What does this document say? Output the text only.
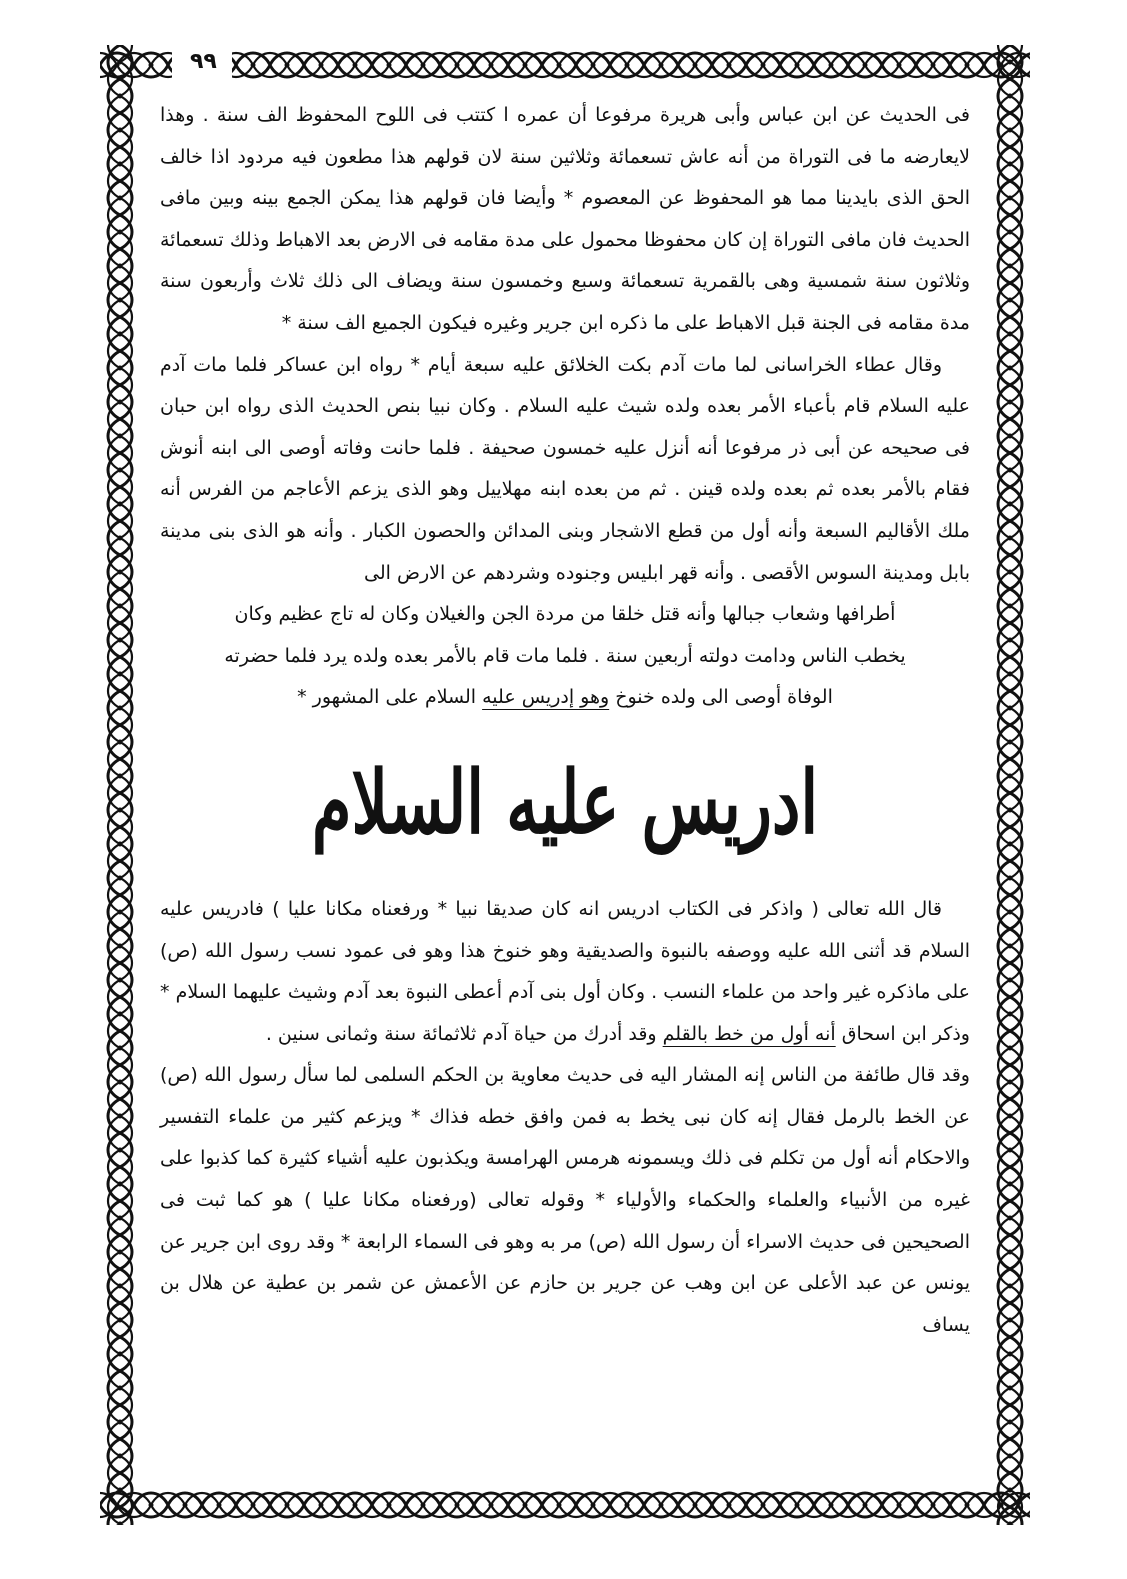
٩٩

فى الحديث عن ابن عباس وأبى هريرة مرفوعا أن عمره ا كتتب فى اللوح المحفوظ الف سنة . وهذا لايعارضه ما فى التوراة من أنه عاش تسعمائة وثلاثين سنة لان قولهم هذا مطعون فيه مردود اذا خالف الحق الذى بايدينا مما هو المحفوظ عن المعصوم * وأيضا فان قولهم هذا يمكن الجمع بينه وبين مافى الحديث فان مافى التوراة إن كان محفوظا محمول على مدة مقامه فى الارض بعد الاهباط وذلك تسعمائة وثلاثون سنة شمسية وهى بالقمرية تسعمائة وسبع وخمسون سنة ويضاف الى ذلك ثلاث وأربعون سنة مدة مقامه فى الجنة قبل الاهباط على ما ذكره ابن جرير وغيره فيكون الجميع الف سنة *

وقال عطاء الخراسانى لما مات آدم بكت الخلائق عليه سبعة أيام * رواه ابن عساكر فلما مات آدم عليه السلام قام بأعباء الأمر بعده ولده شيث عليه السلام . وكان نبيا بنص الحديث الذى رواه ابن حبان فى صحيحه عن أبى ذر مرفوعا أنه أنزل عليه خمسون صحيفة . فلما حانت وفاته أوصى الى ابنه أنوش فقام بالأمر بعده ثم بعده ولده قينن . ثم من بعده ابنه مهلاييل وهو الذى يزعم الأعاجم من الفرس أنه ملك الأقاليم السبعة وأنه أول من قطع الاشجار وبنى المدائن والحصون الكبار . وأنه هو الذى بنى مدينة بابل ومدينة السوس الأقصى . وأنه قهر ابليس وجنوده وشردهم عن الارض الى

أطرافها وشعاب جبالها وأنه قتل خلقا من مردة الجن والغيلان وكان له تاج عظيم وكان

يخطب الناس ودامت دولته أربعين سنة . فلما مات قام بالأمر بعده ولده يرد فلما حضرته

الوفاة أوصى الى ولده خنوخ وهو إدريس عليه السلام على المشهور *

ادريس عليه السلام

قال الله تعالى ( واذكر فى الكتاب ادريس انه كان صديقا نبيا * ورفعناه مكانا عليا ) فادريس عليه السلام قد أثنى الله عليه ووصفه بالنبوة والصديقية وهو خنوخ هذا وهو فى عمود نسب رسول الله (ص) على ماذكره غير واحد من علماء النسب . وكان أول بنى آدم أعطى النبوة بعد آدم وشيث عليهما السلام * وذكر ابن اسحاق أنه أول من خط بالقلم وقد أدرك من حياة آدم ثلاثمائة سنة وثمانى سنين .

وقد قال طائفة من الناس إنه المشار اليه فى حديث معاوية بن الحكم السلمى لما سأل رسول الله (ص) عن الخط بالرمل فقال إنه كان نبى يخط به فمن وافق خطه فذاك * ويزعم كثير من علماء التفسير والاحكام أنه أول من تكلم فى ذلك ويسمونه هرمس الهرامسة ويكذبون عليه أشياء كثيرة كما كذبوا على غيره من الأنبياء والعلماء والحكماء والأولياء * وقوله تعالى (ورفعناه مكانا عليا ) هو كما ثبت فى الصحيحين فى حديث الاسراء أن رسول الله (ص) مر به وهو فى السماء الرابعة * وقد روى ابن جرير عن يونس عن عبد الأعلى عن ابن وهب عن جرير بن حازم عن الأعمش عن شمر بن عطية عن هلال بن يساف
